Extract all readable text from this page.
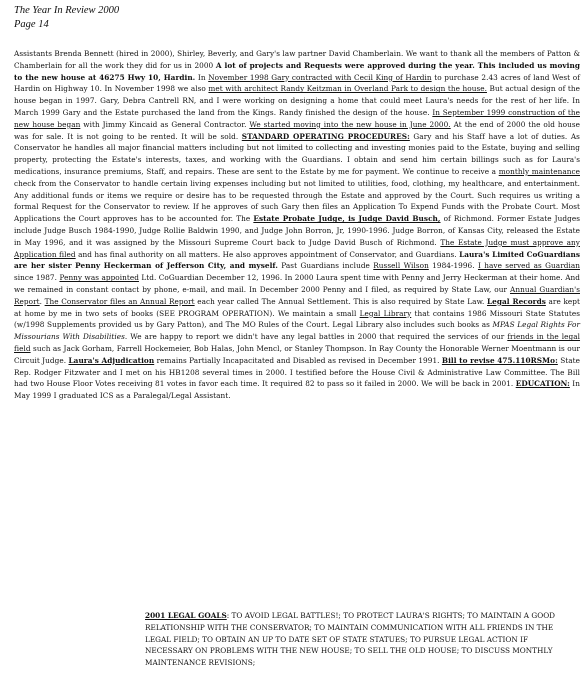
The Year In Review 2000
Page 14

Assistants Brenda Bennett (hired in 2000), Shirley, Beverly, and Gary's law partner David Chamberlain. We want to thank all the members of Patton & Chamberlain for all the work they did for us in 2000 A lot of projects and Requests were approved during the year. This included us moving to the new house at 46275 Hwy 10, Hardin. In November 1998 Gary contracted with Cecil King of Hardin to purchase 2.43 acres of land West of Hardin on Highway 10. In November 1998 we also met with architect Randy Keitzman in Overland Park to design the house. But actual design of the house began in 1997. Gary, Debra Cantrell RN, and I were working on designing a home that could meet Laura's needs for the rest of her life. In March 1999 Gary and the Estate purchased the land from the Kings. Randy finished the design of the house. In September 1999 construction of the new house began with Jimmy Kincaid as General Contractor. We started moving into the new house in June 2000. At the end of 2000 the old house was for sale. It is not going to be rented. It will be sold. STANDARD OPERATING PROCEDURES: Gary and his Staff have a lot of duties. As Conservator he handles all major financial matters including but not limited to collecting and investing monies paid to the Estate, buying and selling property, protecting the Estate's interests, taxes, and working with the Guardians. I obtain and send him certain billings such as for Laura's medications, insurance premiums, Staff, and repairs. These are sent to the Estate by me for payment. We continue to receive a monthly maintenance check from the Conservator to handle certain living expenses including but not limited to utilities, food, clothing, my healthcare, and entertainment. Any additional funds or items we require or desire has to be requested through the Estate and approved by the Court. Such requires us writing a formal Request for the Conservator to review. If he approves of such Gary then files an Application To Expend Funds with the Probate Court. Most Applications the Court approves has to be accounted for. The Estate Probate Judge, is Judge David Busch, of Richmond. Former Estate Judges include Judge Busch 1984-1990, Judge Rollie Baldwin 1990, and Judge John Borron, Jr, 1990-1996. Judge Borron, of Kansas City, released the Estate in May 1996, and it was assigned by the Missouri Supreme Court back to Judge David Busch of Richmond. The Estate Judge must approve any Application filed and has final authority on all matters. He also approves appointment of Conservator, and Guardians. Laura's Limited CoGuardians are her sister Penny Heckerman of Jefferson City, and myself. Past Guardians include Russell Wilson 1984-1996. I have served as Guardian since 1987. Penny was appointed Ltd. CoGuardian December 12, 1996. In 2000 Laura spent time with Penny and Jerry Heckerman at their home. And we remained in constant contact by phone, e-mail, and mail. In December 2000 Penny and I filed, as required by State Law, our Annual Guardian's Report. The Conservator files an Annual Report each year called The Annual Settlement. This is also required by State Law. Legal Records are kept at home by me in two sets of books (SEE PROGRAM OPERATION). We maintain a small Legal Library that contains 1986 Missouri State Statutes (w/1998 Supplements provided us by Gary Patton), and The MO Rules of the Court. Legal Library also includes such books as MPAS Legal Rights For Missourians With Disabilities. We are happy to report we didn't have any legal battles in 2000 that required the services of our friends in the legal field such as Jack Gorham, Farrell Hockemeier, Bob Halas, John Mencl, or Stanley Thompson. In Ray County the Honorable Werner Moentmann is our Circuit Judge. Laura's Adjudication remains Partially Incapacitated and Disabled as revised in December 1991. Bill to revise 475.110RSMo: State Rep. Rodger Fitzwater and I met on his HB1208 several times in 2000. I testified before the House Civil & Administrative Law Committee. The Bill had two House Floor Votes receiving 81 votes in favor each time. It required 82 to pass so it failed in 2000. We will be back in 2001. EDUCATION: In May 1999 I graduated ICS as a Paralegal/Legal Assistant.

2001 LEGAL GOALS: TO AVOID LEGAL BATTLES!; TO PROTECT LAURA'S RIGHTS; TO MAINTAIN A GOOD RELATIONSHIP WITH THE CONSERVATOR; TO MAINTAIN COMMUNICATION WITH ALL FRIENDS IN THE LEGAL FIELD; TO OBTAIN AN UP TO DATE SET OF STATE STATUES; TO PURSUE LEGAL ACTION IF NECESSARY ON PROBLEMS WITH THE NEW HOUSE; TO SELL THE OLD HOUSE; TO DISCUSS MONTHLY MAINTENANCE REVISIONS;
